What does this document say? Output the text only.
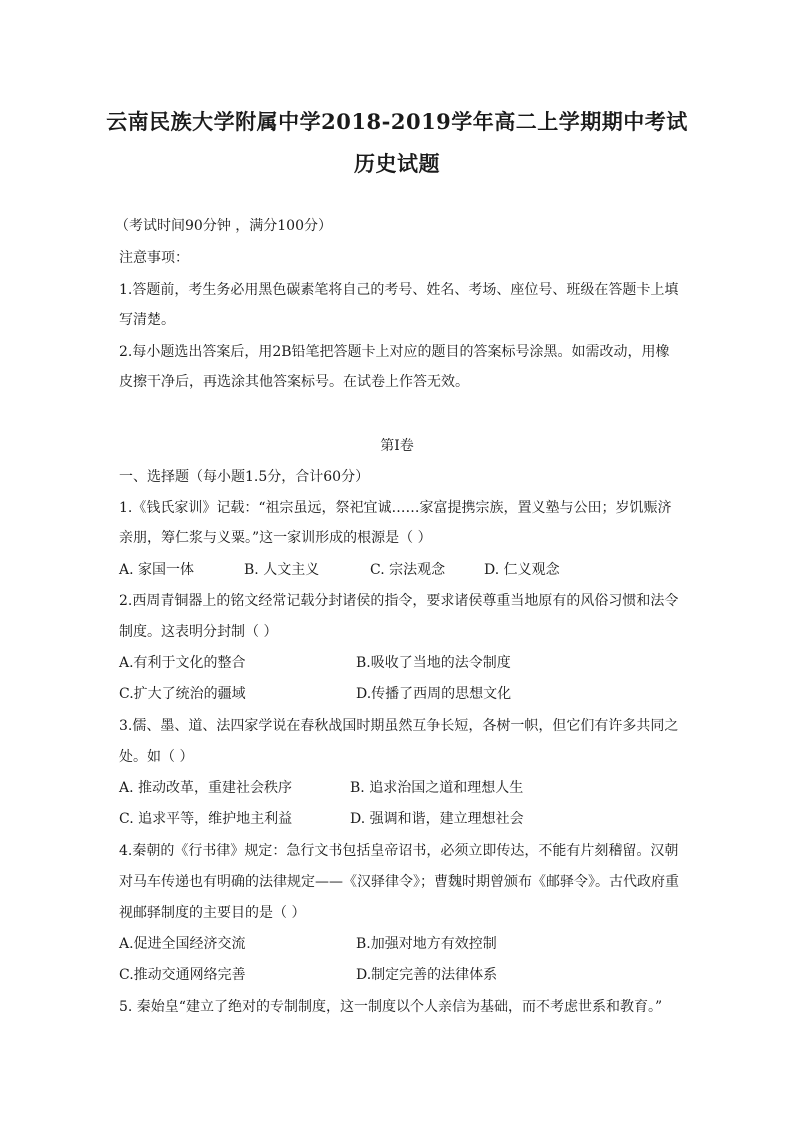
云南民族大学附属中学2018-2019学年高二上学期期中考试
历史试题
（考试时间90分钟 ，满分100分）
注意事项：
1.答题前，考生务必用黑色碳素笔将自己的考号、姓名、考场、座位号、班级在答题卡上填
写清楚。
2.每小题选出答案后，用2B铅笔把答题卡上对应的题目的答案标号涂黑。如需改动，用橡
皮擦干净后，再选涂其他答案标号。在试卷上作答无效。
第Ⅰ卷
一、选择题（每小题1.5分，合计60分）
1.《钱氏家训》记载：“祖宗虽远，祭祀宜诚……家富提携宗族，置义塾与公田；岁饥赈济
亲朋，筹仁浆与义粟。”这一家训形成的根源是（ ）
A. 家国一体	B. 人文主义	C. 宗法观念	D. 仁义观念
2.西周青铜器上的铭文经常记载分封诸侯的指令，要求诸侯尊重当地原有的风俗习惯和法令
制度。这表明分封制（ ）
A.有利于文化的整合	B.吸收了当地的法令制度
C.扩大了统治的疆域	D.传播了西周的思想文化
3.儒、墨、道、法四家学说在春秋战国时期虽然互争长短，各树一帜，但它们有许多共同之
处。如（ ）
A. 推动改革，重建社会秩序	B. 追求治国之道和理想人生
C. 追求平等，维护地主利益	D. 强调和谐，建立理想社会
4.秦朝的《行书律》规定：急行文书包括皇帝诏书，必须立即传达，不能有片刻稽留。汉朝
对马车传递也有明确的法律规定——《汉驿律令》；曹魏时期曾颁布《邮驿令》。古代政府重
视邮驿制度的主要目的是（ ）
A.促进全国经济交流	B.加强对地方有效控制
C.推动交通网络完善	D.制定完善的法律体系
5. 秦始皇“建立了绝对的专制制度，这一制度以个人亲信为基础，而不考虑世系和教育。”
